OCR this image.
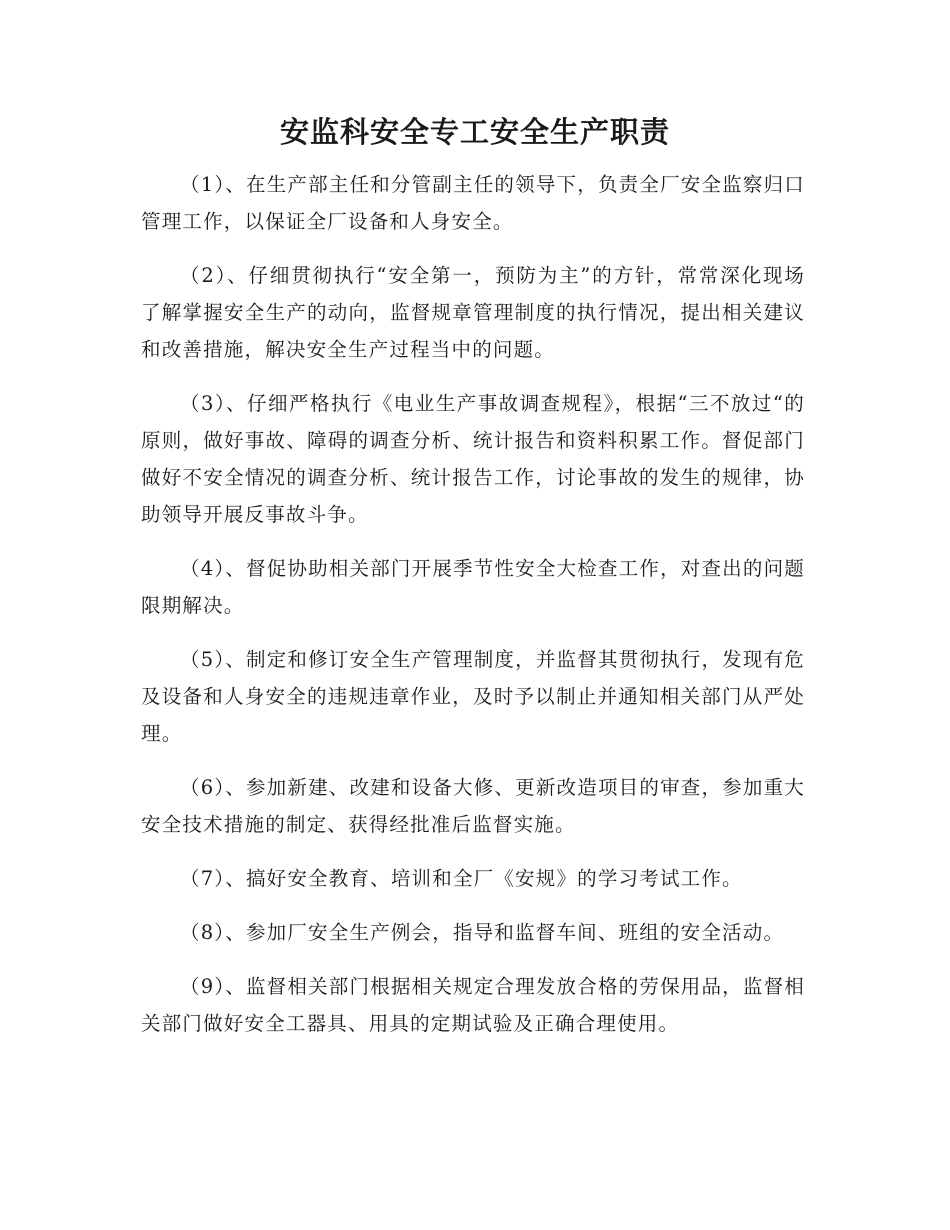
安监科安全专工安全生产职责

（1）、在生产部主任和分管副主任的领导下，负责全厂安全监察归口管理工作，以保证全厂设备和人身安全。

（2）、仔细贯彻执行“安全第一，预防为主”的方针，常常深化现场了解掌握安全生产的动向，监督规章管理制度的执行情况，提出相关建议和改善措施，解决安全生产过程当中的问题。

（3）、仔细严格执行《电业生产事故调查规程》，根据“三不放过“的原则，做好事故、障碍的调查分析、统计报告和资料积累工作。督促部门做好不安全情况的调查分析、统计报告工作，讨论事故的发生的规律，协助领导开展反事故斗争。

（4）、督促协助相关部门开展季节性安全大检查工作，对查出的问题限期解决。

（5）、制定和修订安全生产管理制度，并监督其贯彻执行，发现有危及设备和人身安全的违规违章作业，及时予以制止并通知相关部门从严处理。

（6）、参加新建、改建和设备大修、更新改造项目的审查，参加重大安全技术措施的制定、获得经批准后监督实施。

（7）、搞好安全教育、培训和全厂《安规》的学习考试工作。

（8）、参加厂安全生产例会，指导和监督车间、班组的安全活动。

（9）、监督相关部门根据相关规定合理发放合格的劳保用品，监督相关部门做好安全工器具、用具的定期试验及正确合理使用。
